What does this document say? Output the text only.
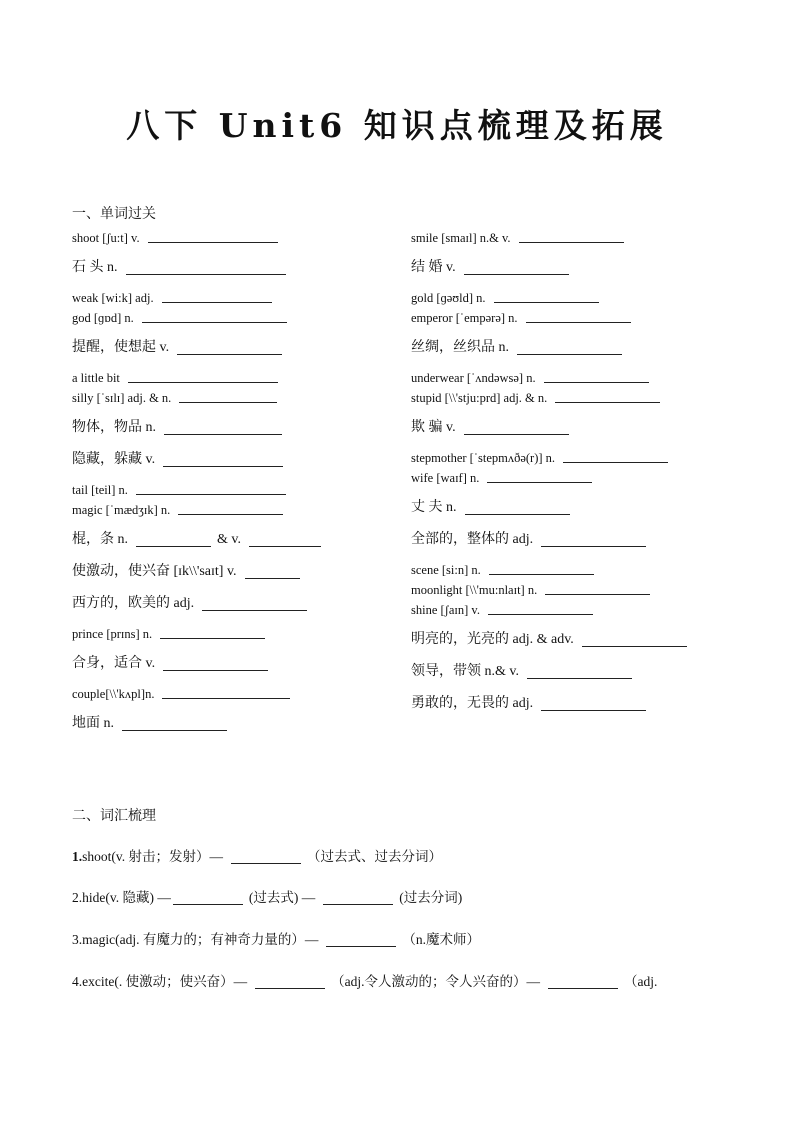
八下 Unit6 知识点梳理及拓展
一、单词过关
shoot [ʃu:t] v.
石 头 n.
weak [wi:k] adj.
god [ɡɒd] n.
提醒，使想起 v.
a little bit
silly [ˈsɪlɪ] adj. & n.
物体，物品 n.
隐藏，躲藏 v.
tail [teil] n.
magic [ˈmædʒɪk] n.
棍，条 n.	& v.
使激动，使兴奋 [ɪk\\'saɪt] v.
西方的，欧美的 adj.
prince [prɪns] n.
合身，适合 v.
couple[\\'kʌpl]n.
地面 n.
smile [smaɪl] n.& v.
结 婚 v.
gold [ɡəʊld] n.
emperor [ˈempərə] n.
丝绸，丝织品 n.
underwear [ˈʌndəwsə] n.
stupid [\\'stju:prd] adj. & n.
欺 骗 v.
stepmother [ˈstepmʌðə(r)] n.
wife [waɪf] n.
丈 夫 n.
全部的，整体的 adj.
scene [si:n] n.
moonlight [\\'mu:nlaɪt] n.
shine [ʃaɪn] v.
明亮的，光亮的 adj. & adv.
领导，带领 n.& v.
勇敢的，无畏的 adj.
二、词汇梳理
1. shoot(v. 射击；发射）—	（过去式、过去分词）
2.hide(v. 隐藏) —	(过去式) —	(过去分词)
3.magic(adj. 有魔力的；有神奇力量的）—	（n.魔术师）
4.excite(. 使激动；使兴奋）—	（adj.令人激动的；令人兴奋的）—	（adj.
